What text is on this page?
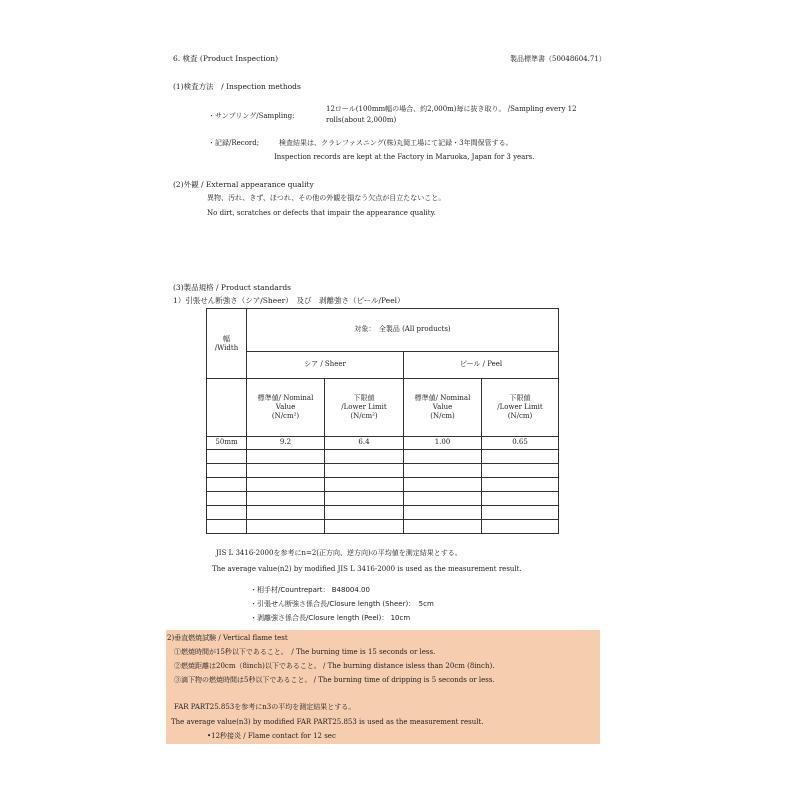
6. 検査 (Product Inspection)	製品標準書（50048604.71）
(1)検査方法　/ Inspection methods
・サンプリング/Sampling:
12ロール(100mm幅の場合、約2,000m)毎に抜き取り。 /Sampling every 12
rolls(about 2,000m)
・記録/Record;	検査結果は、クラレファスニング(株)丸岡工場にて記録・3年間保管する。
Inspection records are kept at the Factory in Maruoka, Japan for 3 years.
(2)外観 / External appearance quality
異物、汚れ、きず、ほつれ、その他の外観を損なう欠点が目立たないこと。
No dirt, scratches or defects that impair the appearance quality.
(3)製品規格 / Product standards
1）引張せん断強さ（シア/Sheer）　及び　剥離強さ（ピール/Peel）
幅
/Width	対象：　全製品 (All products)			
	シア / Sheer		ピール / Peel	
	標準値/ Nominal
Value
(N/cm²)	下限値
/Lower Limit
(N/cm²)	標準値/ Nominal
Value
(N/cm)	下限値
/Lower Limit
(N/cm)
50mm	9.2	6.4	1.00	0.65

JIS L 3416-2000を参考にn=2(正方向、逆方向)の平均値を測定結果とする。
The average value(n2) by modified JIS L 3416-2000 is used as the measurement result.
・相手材/Countrepart： B48004.00
・引張せん断強さ係合長/Closure length (Sheer)：　5cm
・剥離強さ係合長/Closure length (Peel)： 10cm
2)垂直燃焼試験 / Vertical flame test
①燃焼時間が15秒以下であること。　/ The burning time is 15 seconds or less.
②燃焼距離は20cm（8inch)以下であること。 / The burning distance isless than 20cm (8inch).
③滴下物の燃焼時間は5秒以下であること。 / The burning time of dripping is 5 seconds or less.
FAR PART25.853を参考にn3の平均を測定結果とする。
The average value(n3) by modified FAR PART25.853 is used as the measurement result.
•12秒接炎 / Flame contact for 12 sec
